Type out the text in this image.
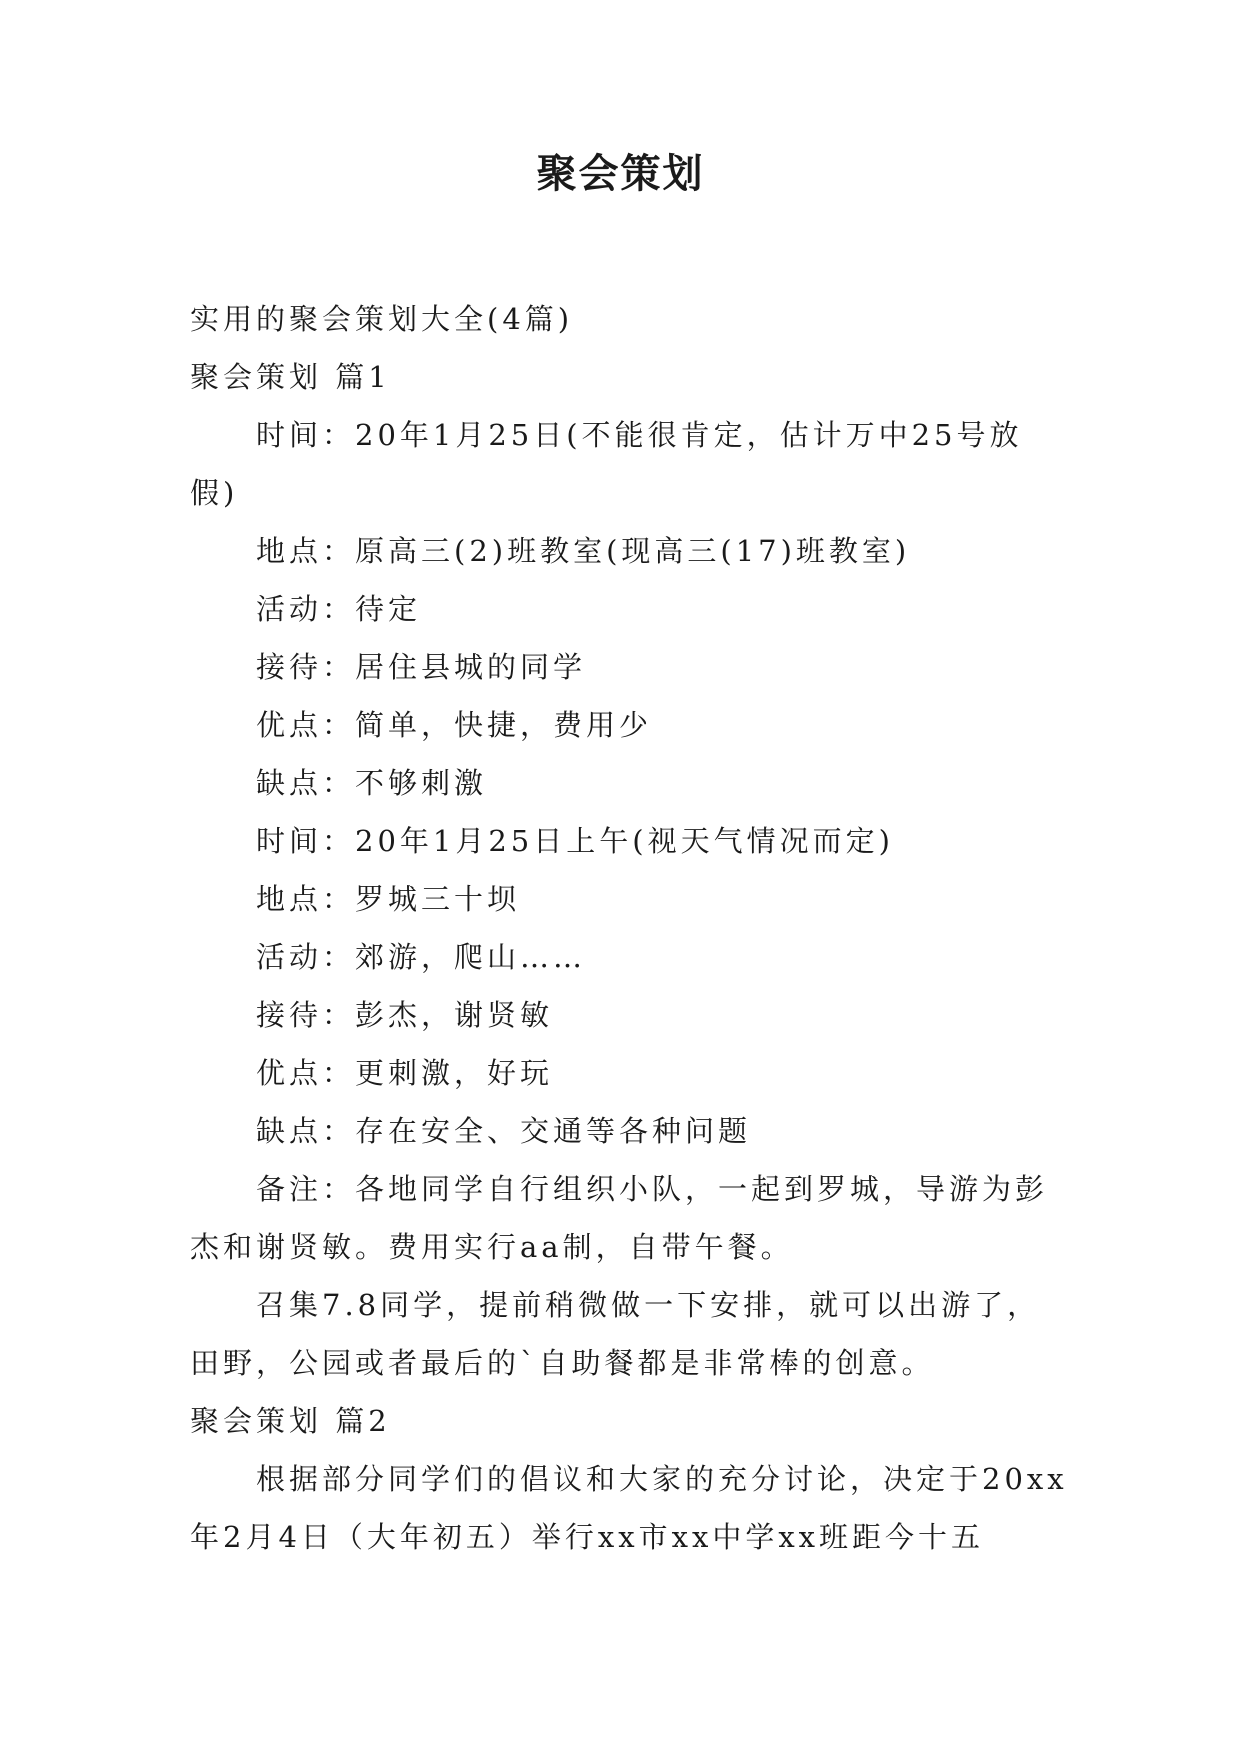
聚会策划
实用的聚会策划大全(4篇)
聚会策划 篇1
时间：20年1月25日(不能很肯定，估计万中25号放
假)
地点：原高三(2)班教室(现高三(17)班教室)
活动：待定
接待：居住县城的同学
优点：简单，快捷，费用少
缺点：不够刺激
时间：20年1月25日上午(视天气情况而定)
地点：罗城三十坝
活动：郊游，爬山……
接待：彭杰，谢贤敏
优点：更刺激，好玩
缺点：存在安全、交通等各种问题
备注：各地同学自行组织小队，一起到罗城，导游为彭
杰和谢贤敏。费用实行aa制，自带午餐。
召集7.8同学，提前稍微做一下安排，就可以出游了，
田野，公园或者最后的`自助餐都是非常棒的创意。
聚会策划 篇2
根据部分同学们的倡议和大家的充分讨论，决定于20xx
年2月4日（大年初五）举行xx市xx中学xx班距今十五
